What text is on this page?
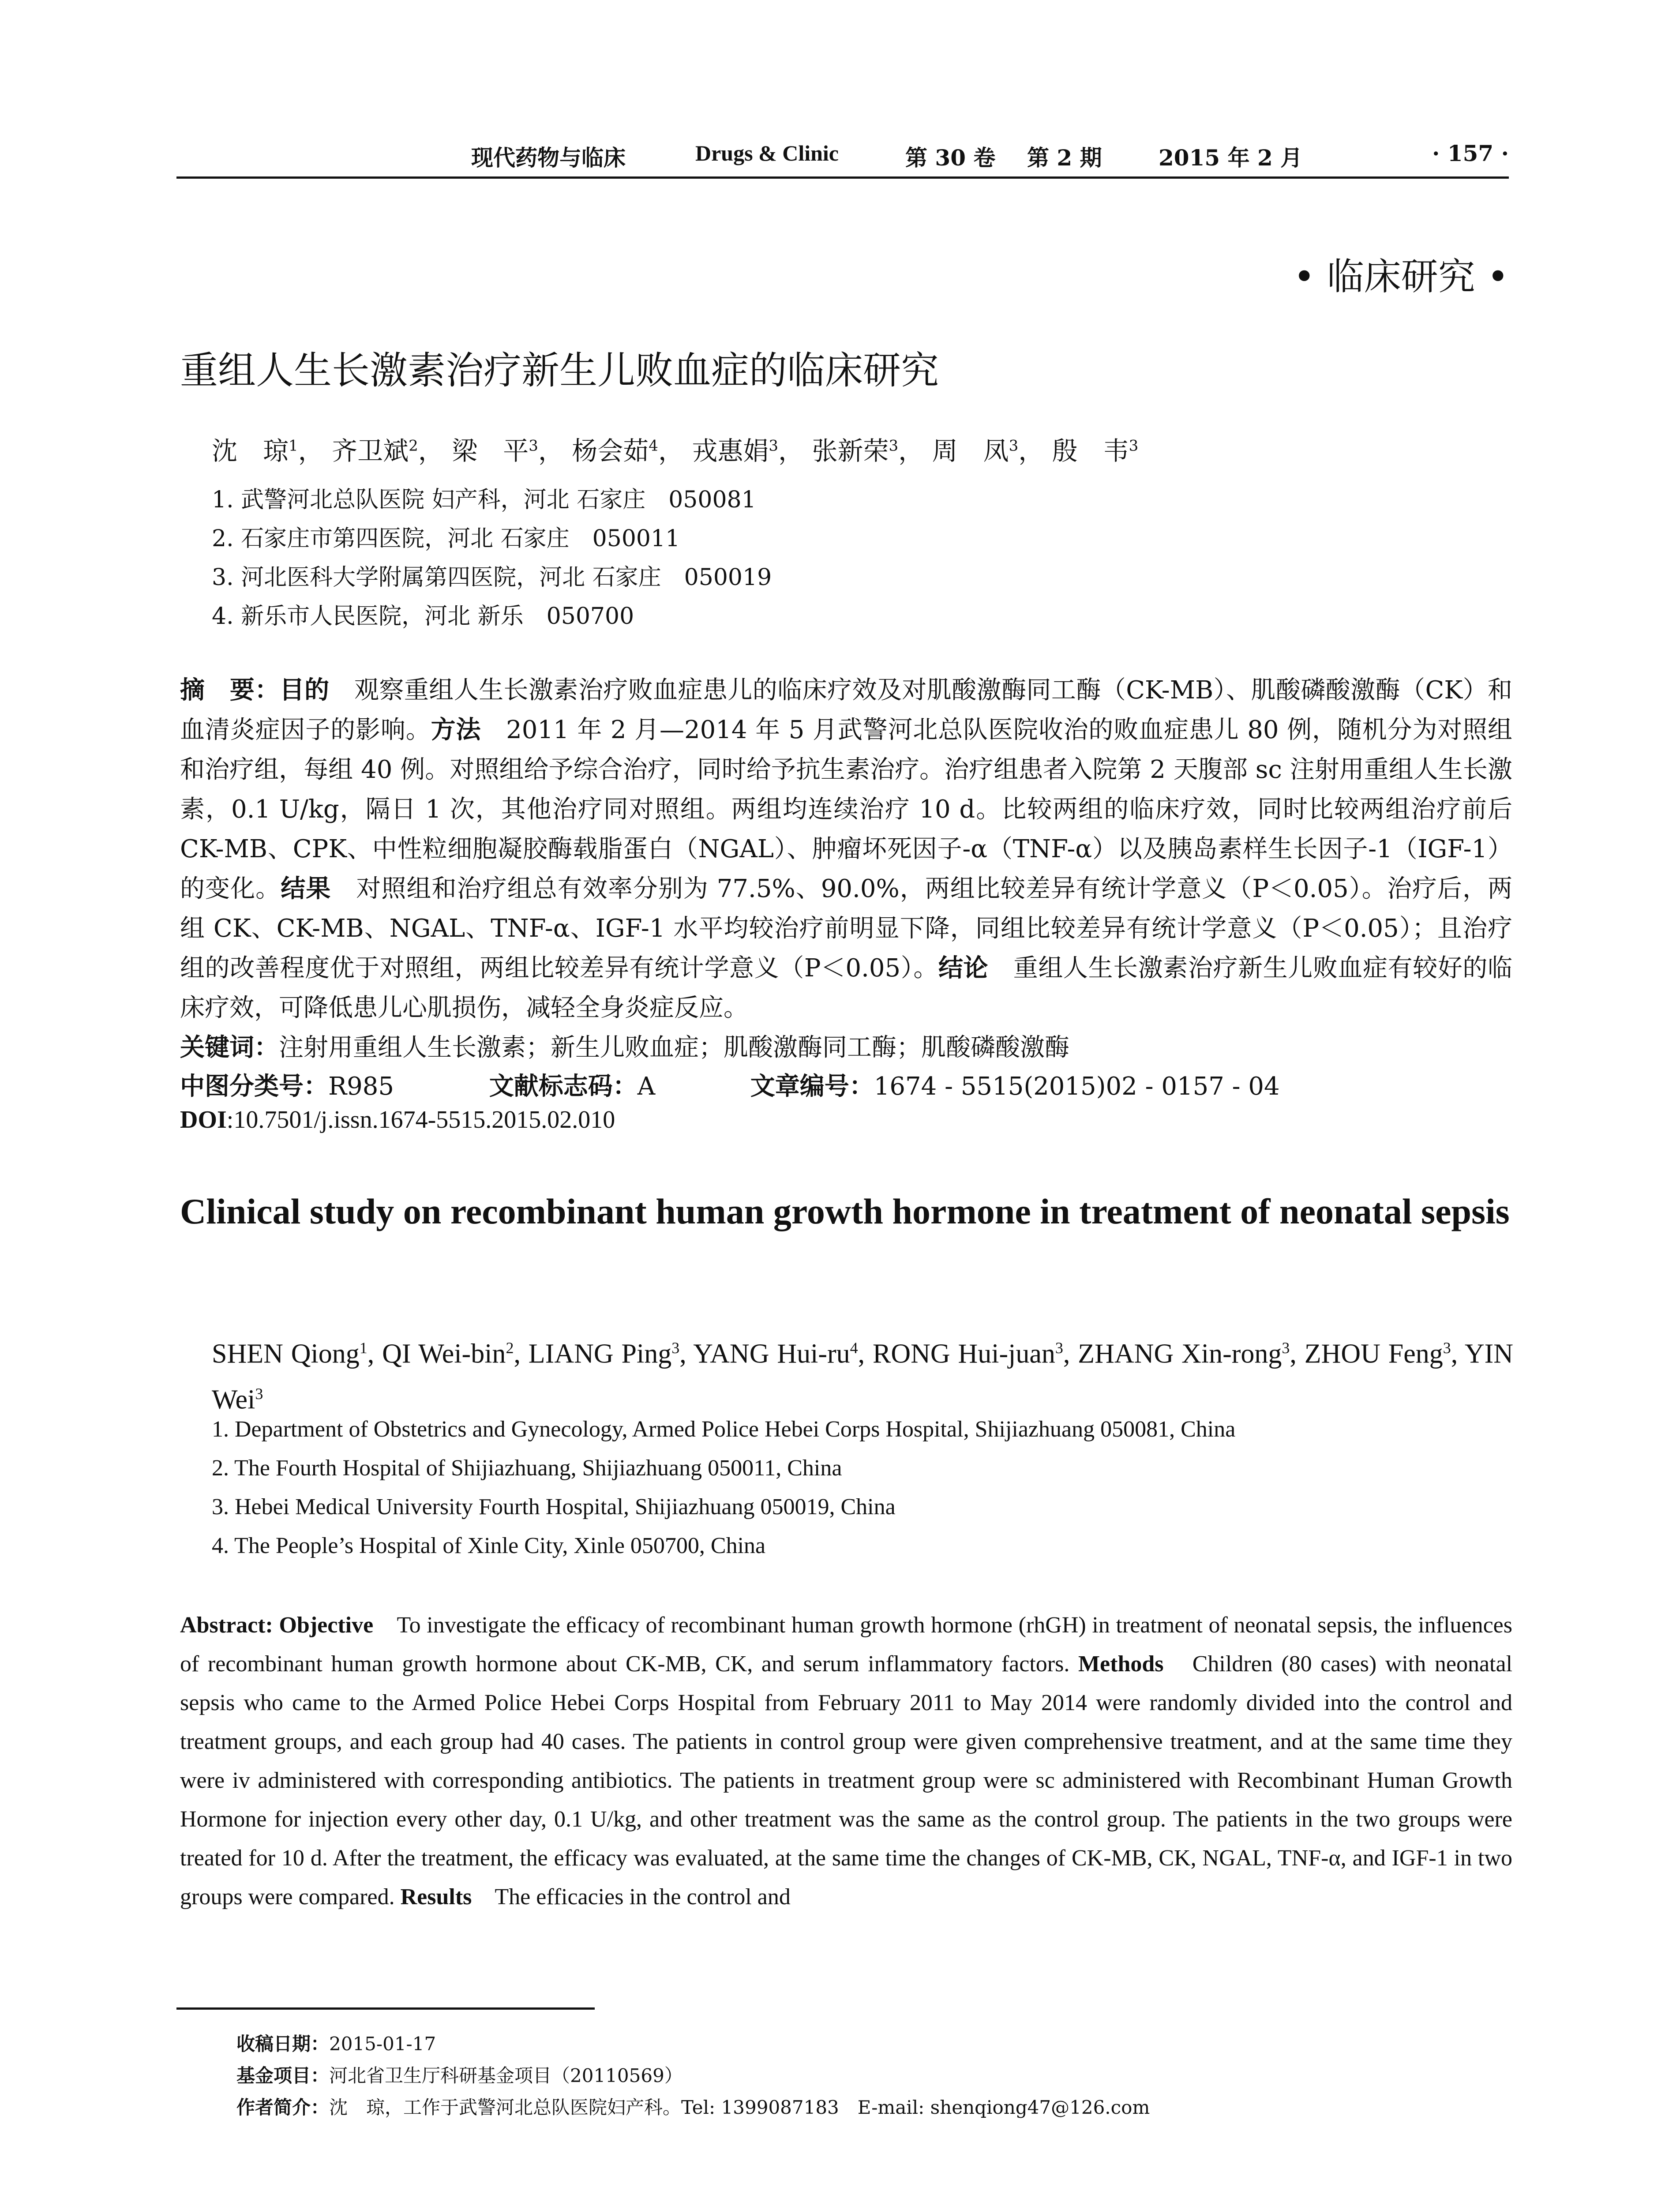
现代药物与临床	Drugs & Clinic	第 30 卷 第 2 期	2015 年 2 月	· 157 ·
• 临床研究 •
重组人生长激素治疗新生儿败血症的临床研究
沈　琼$^1$， 齐卫斌$^2$， 梁　平$^3$， 杨会茹$^4$， 戎惠娟$^3$， 张新荣$^3$， 周　凤$^3$， 殷　韦$^3$
1. 武警河北总队医院 妇产科，河北 石家庄　050081
2. 石家庄市第四医院，河北 石家庄　050011
3. 河北医科大学附属第四医院，河北 石家庄　050019
4. 新乐市人民医院，河北 新乐　050700
摘　要：目的　 观察重组人生长激素治疗败血症患儿的临床疗效及对肌酸激酶同工酶（CK-MB）、肌酸磷酸激酶（CK）和血清炎症因子的影响。方法　 2011 年 2 月—2014 年 5 月武警河北总队医院收治的败血症患儿 80 例，随机分为对照组和治疗组，每组 40 例。对照组给予综合治疗，同时给予抗生素治疗。治疗组患者入院第 2 天腹部 sc 注射用重组人生长激素，0.1 U/kg，隔日 1 次，其他治疗同对照组。两组均连续治疗 10 d。比较两组的临床疗效，同时比较两组治疗前后 CK-MB、CPK、中性粒细胞凝胶酶载脂蛋白（NGAL）、肿瘤坏死因子-α（TNF-α）以及胰岛素样生长因子-1（IGF-1）的变化。结果　 对照组和治疗组总有效率分别为 77.5%、90.0%，两组比较差异有统计学意义（P＜0.05）。治疗后，两组 CK、CK-MB、NGAL、TNF-α、IGF-1 水平均较治疗前明显下降，同组比较差异有统计学意义（P＜0.05）；且治疗组的改善程度优于对照组，两组比较差异有统计学意义（P＜0.05）。结论　 重组人生长激素治疗新生儿败血症有较好的临床疗效，可降低患儿心肌损伤，减轻全身炎症反应。
关键词：注射用重组人生长激素；新生儿败血症；肌酸激酶同工酶；肌酸磷酸激酶
中图分类号：R985	文献标志码：A	文章编号：1674 - 5515(2015)02 - 0157 - 04
DOI:10.7501/j.issn.1674-5515.2015.02.010
Clinical study on recombinant human growth hormone in treatment of neonatal sepsis
SHEN Qiong$^1$, QI Wei-bin$^2$, LIANG Ping$^3$, YANG Hui-$ru^4$, RONG Hui-juan$^3$, ZHANG Xin-rong$^3$, ZHOU Feng$^3$, YIN Wei$^3$
1. Department of Obstetrics and Gynecology, Armed Police Hebei Corps Hospital, Shijiazhuang 050081, China
2. The Fourth Hospital of Shijiazhuang, Shijiazhuang 050011, China
3. Hebei Medical University Fourth Hospital, Shijiazhuang 050019, China
4. The People’s Hospital of Xinle City, Xinle 050700, China
Abstract: Objective　 To investigate the efficacy of recombinant human growth hormone (rhGH) in treatment of neonatal sepsis, the influences of recombinant human growth hormone about CK-MB, CK, and serum inflammatory factors. Methods　 Children (80 cases) with neonatal sepsis who came to the Armed Police Hebei Corps Hospital from February 2011 to May 2014 were randomly divided into the control and treatment groups, and each group had 40 cases. The patients in control group were given comprehensive treatment, and at the same time they were iv administered with corresponding antibiotics. The patients in treatment group were sc administered with Recombinant Human Growth Hormone for injection every other day, 0.1 U/kg, and other treatment was the same as the control group. The patients in the two groups were treated for 10 d. After the treatment, the efficacy was evaluated, at the same time the changes of CK-MB, CK, NGAL, TNF-α, and IGF-1 in two groups were compared. Results　 The efficacies in the control and
收稿日期：2015-01-17
基金项目：河北省卫生厅科研基金项目（20110569）
作者简介：沈　琼，工作于武警河北总队医院妇产科。Tel: 1399087183　E-mail: shenqiong47@126.com
